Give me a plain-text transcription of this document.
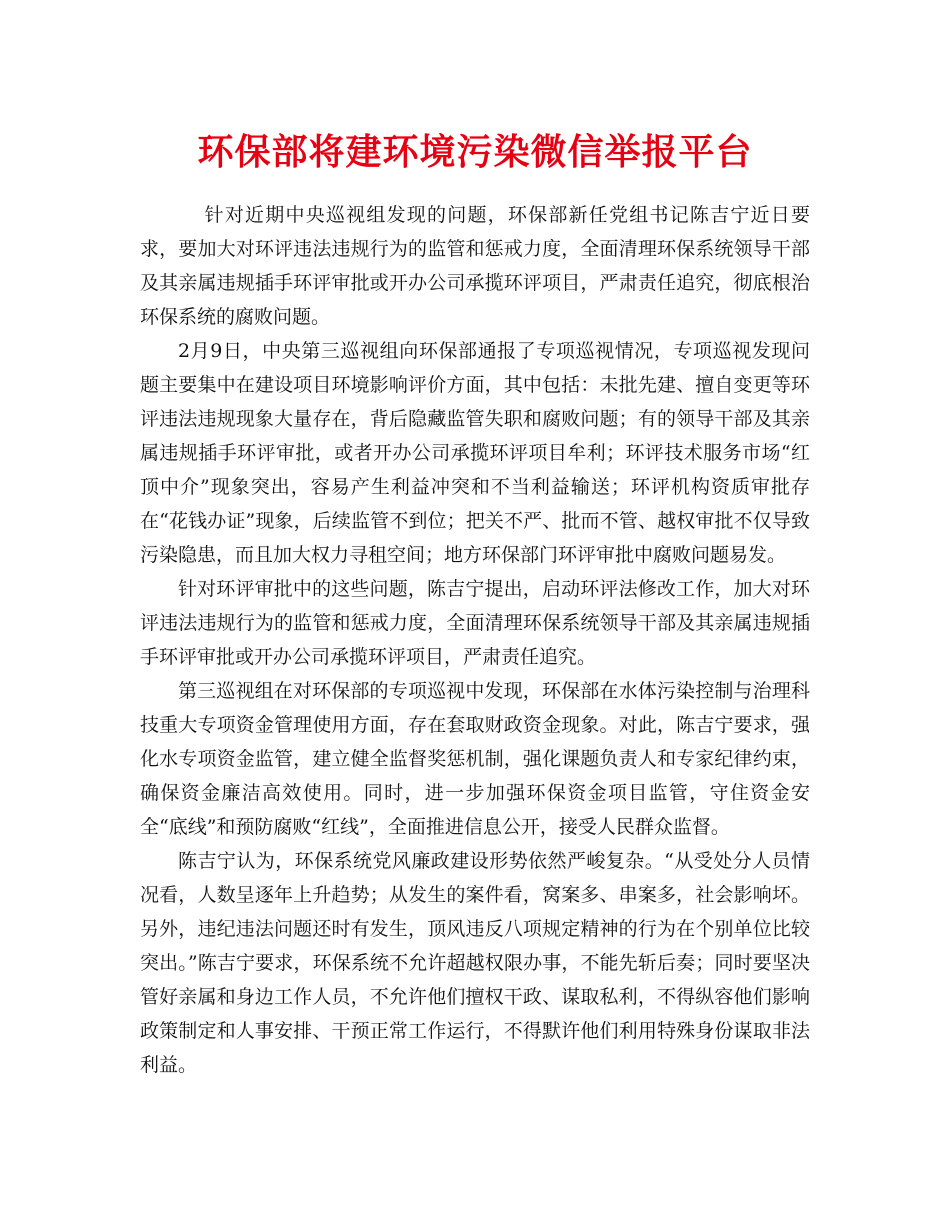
环保部将建环境污染微信举报平台

针对近期中央巡视组发现的问题，环保部新任党组书记陈吉宁近日要求，要加大对环评违法违规行为的监管和惩戒力度，全面清理环保系统领导干部及其亲属违规插手环评审批或开办公司承揽环评项目，严肃责任追究，彻底根治环保系统的腐败问题。

2月9日，中央第三巡视组向环保部通报了专项巡视情况，专项巡视发现问题主要集中在建设项目环境影响评价方面，其中包括：未批先建、擅自变更等环评违法违规现象大量存在，背后隐藏监管失职和腐败问题；有的领导干部及其亲属违规插手环评审批，或者开办公司承揽环评项目牟利；环评技术服务市场“红顶中介”现象突出，容易产生利益冲突和不当利益输送；环评机构资质审批存在“花钱办证”现象，后续监管不到位；把关不严、批而不管、越权审批不仅导致污染隐患，而且加大权力寻租空间；地方环保部门环评审批中腐败问题易发。

针对环评审批中的这些问题，陈吉宁提出，启动环评法修改工作，加大对环评违法违规行为的监管和惩戒力度，全面清理环保系统领导干部及其亲属违规插手环评审批或开办公司承揽环评项目，严肃责任追究。

第三巡视组在对环保部的专项巡视中发现，环保部在水体污染控制与治理科技重大专项资金管理使用方面，存在套取财政资金现象。对此，陈吉宁要求，强化水专项资金监管，建立健全监督奖惩机制，强化课题负责人和专家纪律约束，确保资金廉洁高效使用。同时，进一步加强环保资金项目监管，守住资金安全“底线”和预防腐败“红线”，全面推进信息公开，接受人民群众监督。

陈吉宁认为，环保系统党风廉政建设形势依然严峻复杂。“从受处分人员情况看，人数呈逐年上升趋势；从发生的案件看，窝案多、串案多，社会影响坏。另外，违纪违法问题还时有发生，顶风违反八项规定精神的行为在个别单位比较突出。”陈吉宁要求，环保系统不允许超越权限办事，不能先斩后奏；同时要坚决管好亲属和身边工作人员，不允许他们擅权干政、谋取私利，不得纵容他们影响政策制定和人事安排、干预正常工作运行，不得默许他们利用特殊身份谋取非法利益。
